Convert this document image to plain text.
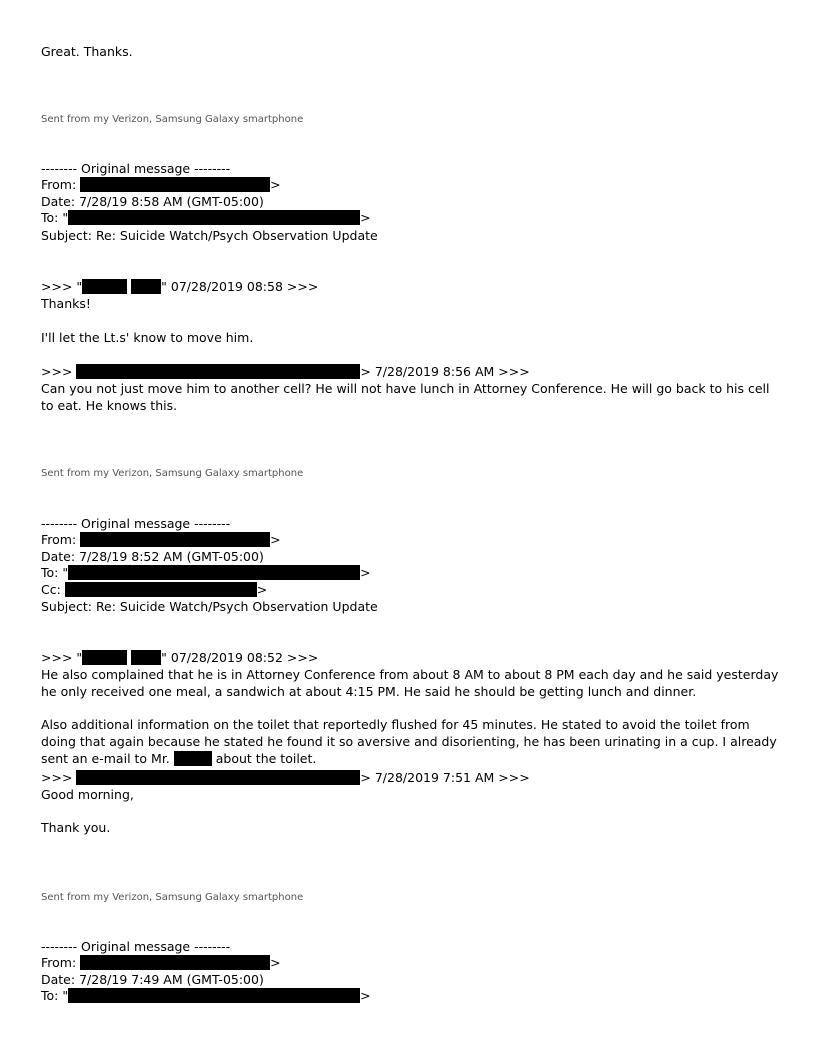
Great. Thanks.
Sent from my Verizon, Samsung Galaxy smartphone
-------- Original message --------
From:	>
Date: 7/28/19 8:58 AM (GMT-05:00)
To: "	>
Subject: Re: Suicide Watch/Psych Observation Update
>>> "	" 07/28/2019 08:58 >>>
Thanks!
I'll let the Lt.s' know to move him.
>>>	> 7/28/2019 8:56 AM >>>
Can you not just move him to another cell? He will not have lunch in Attorney Conference. He will go back to his cell to eat. He knows this.
Sent from my Verizon, Samsung Galaxy smartphone
-------- Original message --------
From:	>
Date: 7/28/19 8:52 AM (GMT-05:00)
To: "	>
Cc:	>
Subject: Re: Suicide Watch/Psych Observation Update
>>> "	" 07/28/2019 08:52 >>>
He also complained that he is in Attorney Conference from about 8 AM to about 8 PM each day and he said yesterday he only received one meal, a sandwich at about 4:15 PM. He said he should be getting lunch and dinner.
Also additional information on the toilet that reportedly flushed for 45 minutes. He stated to avoid the toilet from doing that again because he stated he found it so aversive and disorienting, he has been urinating in a cup. I already sent an e-mail to Mr.	about the toilet.
>>>	> 7/28/2019 7:51 AM >>>
Good morning,
Thank you.
Sent from my Verizon, Samsung Galaxy smartphone
-------- Original message --------
From:	>
Date: 7/28/19 7:49 AM (GMT-05:00)
To: "	>
